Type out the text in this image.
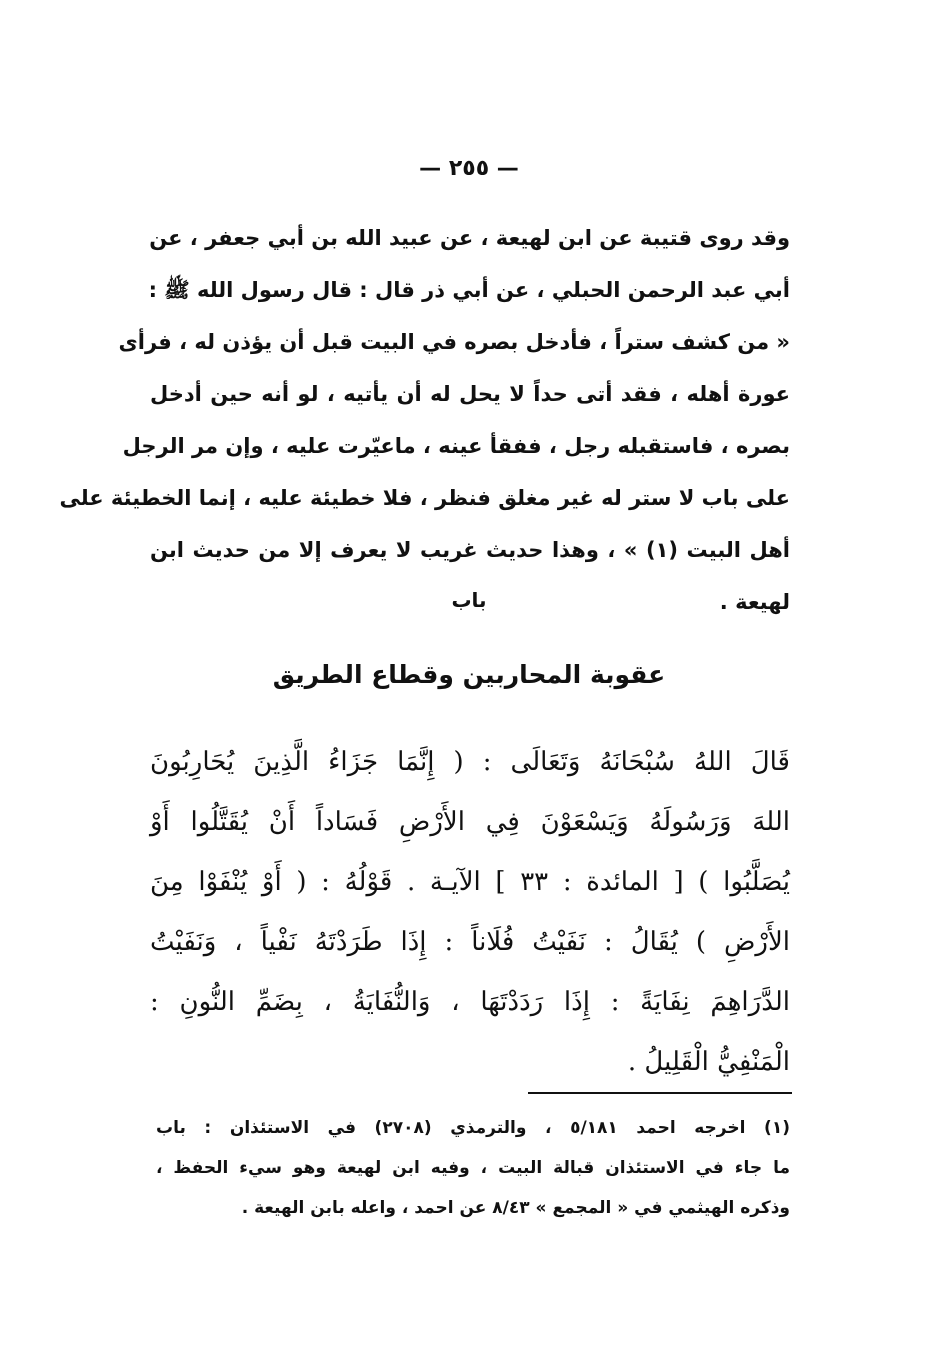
— ٢٥٥ —
وقد روى قتيبة عن ابن لهيعة ، عن عبيد الله بن أبي جعفر ، عن
أبي عبد الرحمن الحبلي ، عن أبي ذر قال : قال رسول الله ﷺ :
« من كشف ستراً ، فأدخل بصره في البيت قبل أن يؤذن له ، فرأى
عورة أهله ، فقد أتى حداً لا يحل له أن يأتيه ، لو أنه حين أدخل
بصره ، فاستقبله رجل ، ففقأ عينه ، ماعيّرت عليه ، وإن مر الرجل
على باب لا ستر له غير مغلق فنظر ، فلا خطيئة عليه ، إنما الخطيئة على
أهل البيت (١) » ، وهذا حديث غريب لا يعرف إلا من حديث ابن
لهيعة .
باب
عقوبة المحاربين وقطاع الطريق
قَالَ اللهُ سُبْحَانَهُ وَتَعَالَى : ( إِنَّمَا جَزَاءُ الَّذِينَ يُحَارِبُونَ
اللهَ وَرَسُولَهُ وَيَسْعَوْنَ فِي الأَرْضِ فَسَاداً أَنْ يُقَتَّلُوا أَوْ
يُصَلَّبُوا ) [ المائدة : ٣٣ ] الآيـة . قَوْلُهُ : ( أَوْ يُنْفَوْا مِنَ
الأَرْضِ ) يُقَالُ : نَفَيْتُ فُلَاناً : إِذَا طَرَدْتَهُ نَفْياً ، وَنَفَيْتُ
الدَّرَاهِمَ نِفَايَةً : إِذَا رَدَدْتَهَا ، وَالنُّفَايَةُ ، بِضَمِّ النُّونِ :
الْمَنْفِيُّ الْقَلِيلُ .
(١) اخرجه احمد ٥/١٨١ ، والترمذي (٢٧٠٨) في الاستئذان : باب
ما جاء في الاستئذان قبالة البيت ، وفيه ابن لهيعة وهو سيء الحفظ ،
وذكره الهيثمي في « المجمع » ٨/٤٣ عن احمد ، واعله بابن الهيعة .
